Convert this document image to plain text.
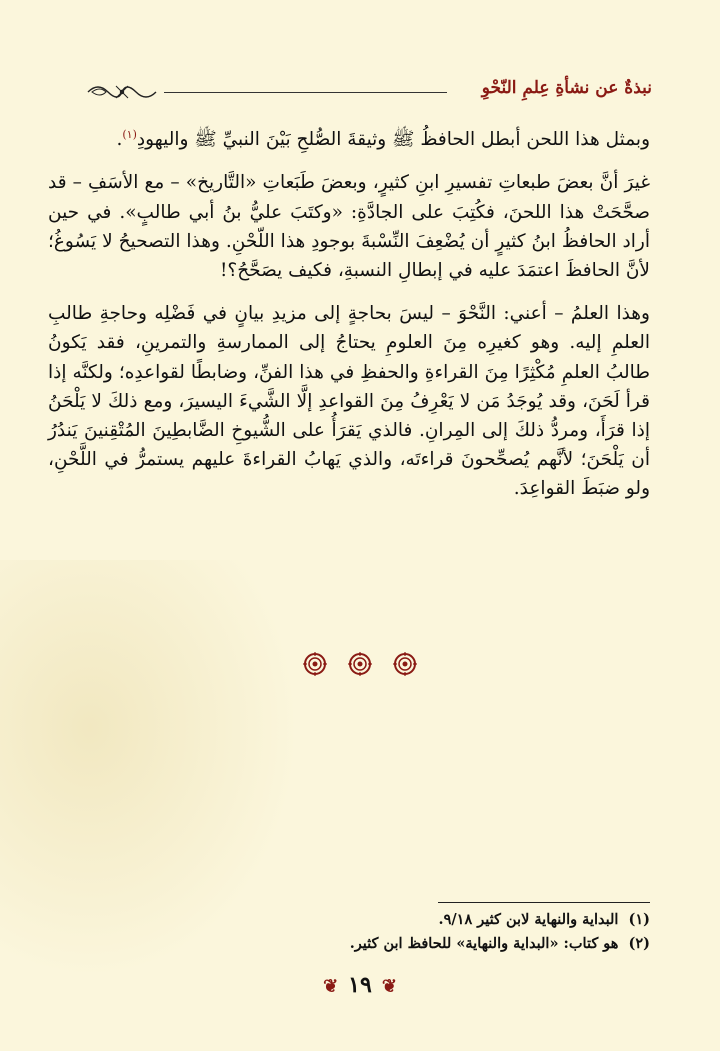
نبذةٌ عن نشأةِ عِلمِ النّحْوِ

وبمثل هذا اللحن أبطل الحافظُ ﷺ وثيقةَ الصُّلحِ بَيْنَ النبيِّ ﷺ واليهودِ$^{(١)}$.

غيرَ أنَّ بعضَ طبعاتِ تفسيرِ ابنِ كثيرٍ، وبعضَ طَبَعاتِ «التَّاريخ» – مع الأسَفِ – قد صحَّحَتْ هذا اللحنَ، فكُتِبَ على الجادَّةِ: «وكتَبَ عليُّ بنُ أبي طالبٍ». في حين أراد الحافظُ ابنُ كثيرٍ أن يُضْعِفَ النِّسْبةَ بوجودِ هذا اللّحْنِ. وهذا التصحيحُ لا يَسُوغُ؛ لأنَّ الحافظَ اعتمَدَ عليه في إبطالِ النسبةِ، فكيف يصَحَّحُ؟!

وهذا العلمُ – أعني: النَّحْوَ – ليسَ بحاجةٍ إلى مزيدِ بيانٍ في فَضْلِه وحاجةِ طالبِ العلمِ إليه. وهو كغيرِه مِنَ العلومِ يحتاجُ إلى الممارسةِ والتمرينِ، فقد يَكونُ طالبُ العلمِ مُكْثِرًا مِنَ القراءةِ والحفظِ في هذا الفنِّ، وضابطًا لقواعدِه؛ ولكنَّه إذا قرأ لَحَنَ، وقد يُوجَدُ مَن لا يَعْرِفُ مِنَ القواعدِ إلَّا الشَّيءَ اليسيرَ، ومع ذلكَ لا يَلْحَنُ إذا قرَأَ، ومردُّ ذلكَ إلى المِرانِ. فالذي يَقرَأُ على الشُّيوخِ الضَّابطِينَ المُتْقِنينَ يَندُرُ أن يَلْحَنَ؛ لأنَّهم يُصحِّحونَ قراءتَه، والذي يَهابُ القراءةَ عليهم يستمرُّ في اللَّحْنِ، ولو ضبَطَ القواعِدَ.

(١)
البداية والنهاية لابن كثير ٩/١٨.
(٢)
هو كتاب: «البداية والنهاية» للحافظ ابن كثير.
❦ ١٩ ❦
